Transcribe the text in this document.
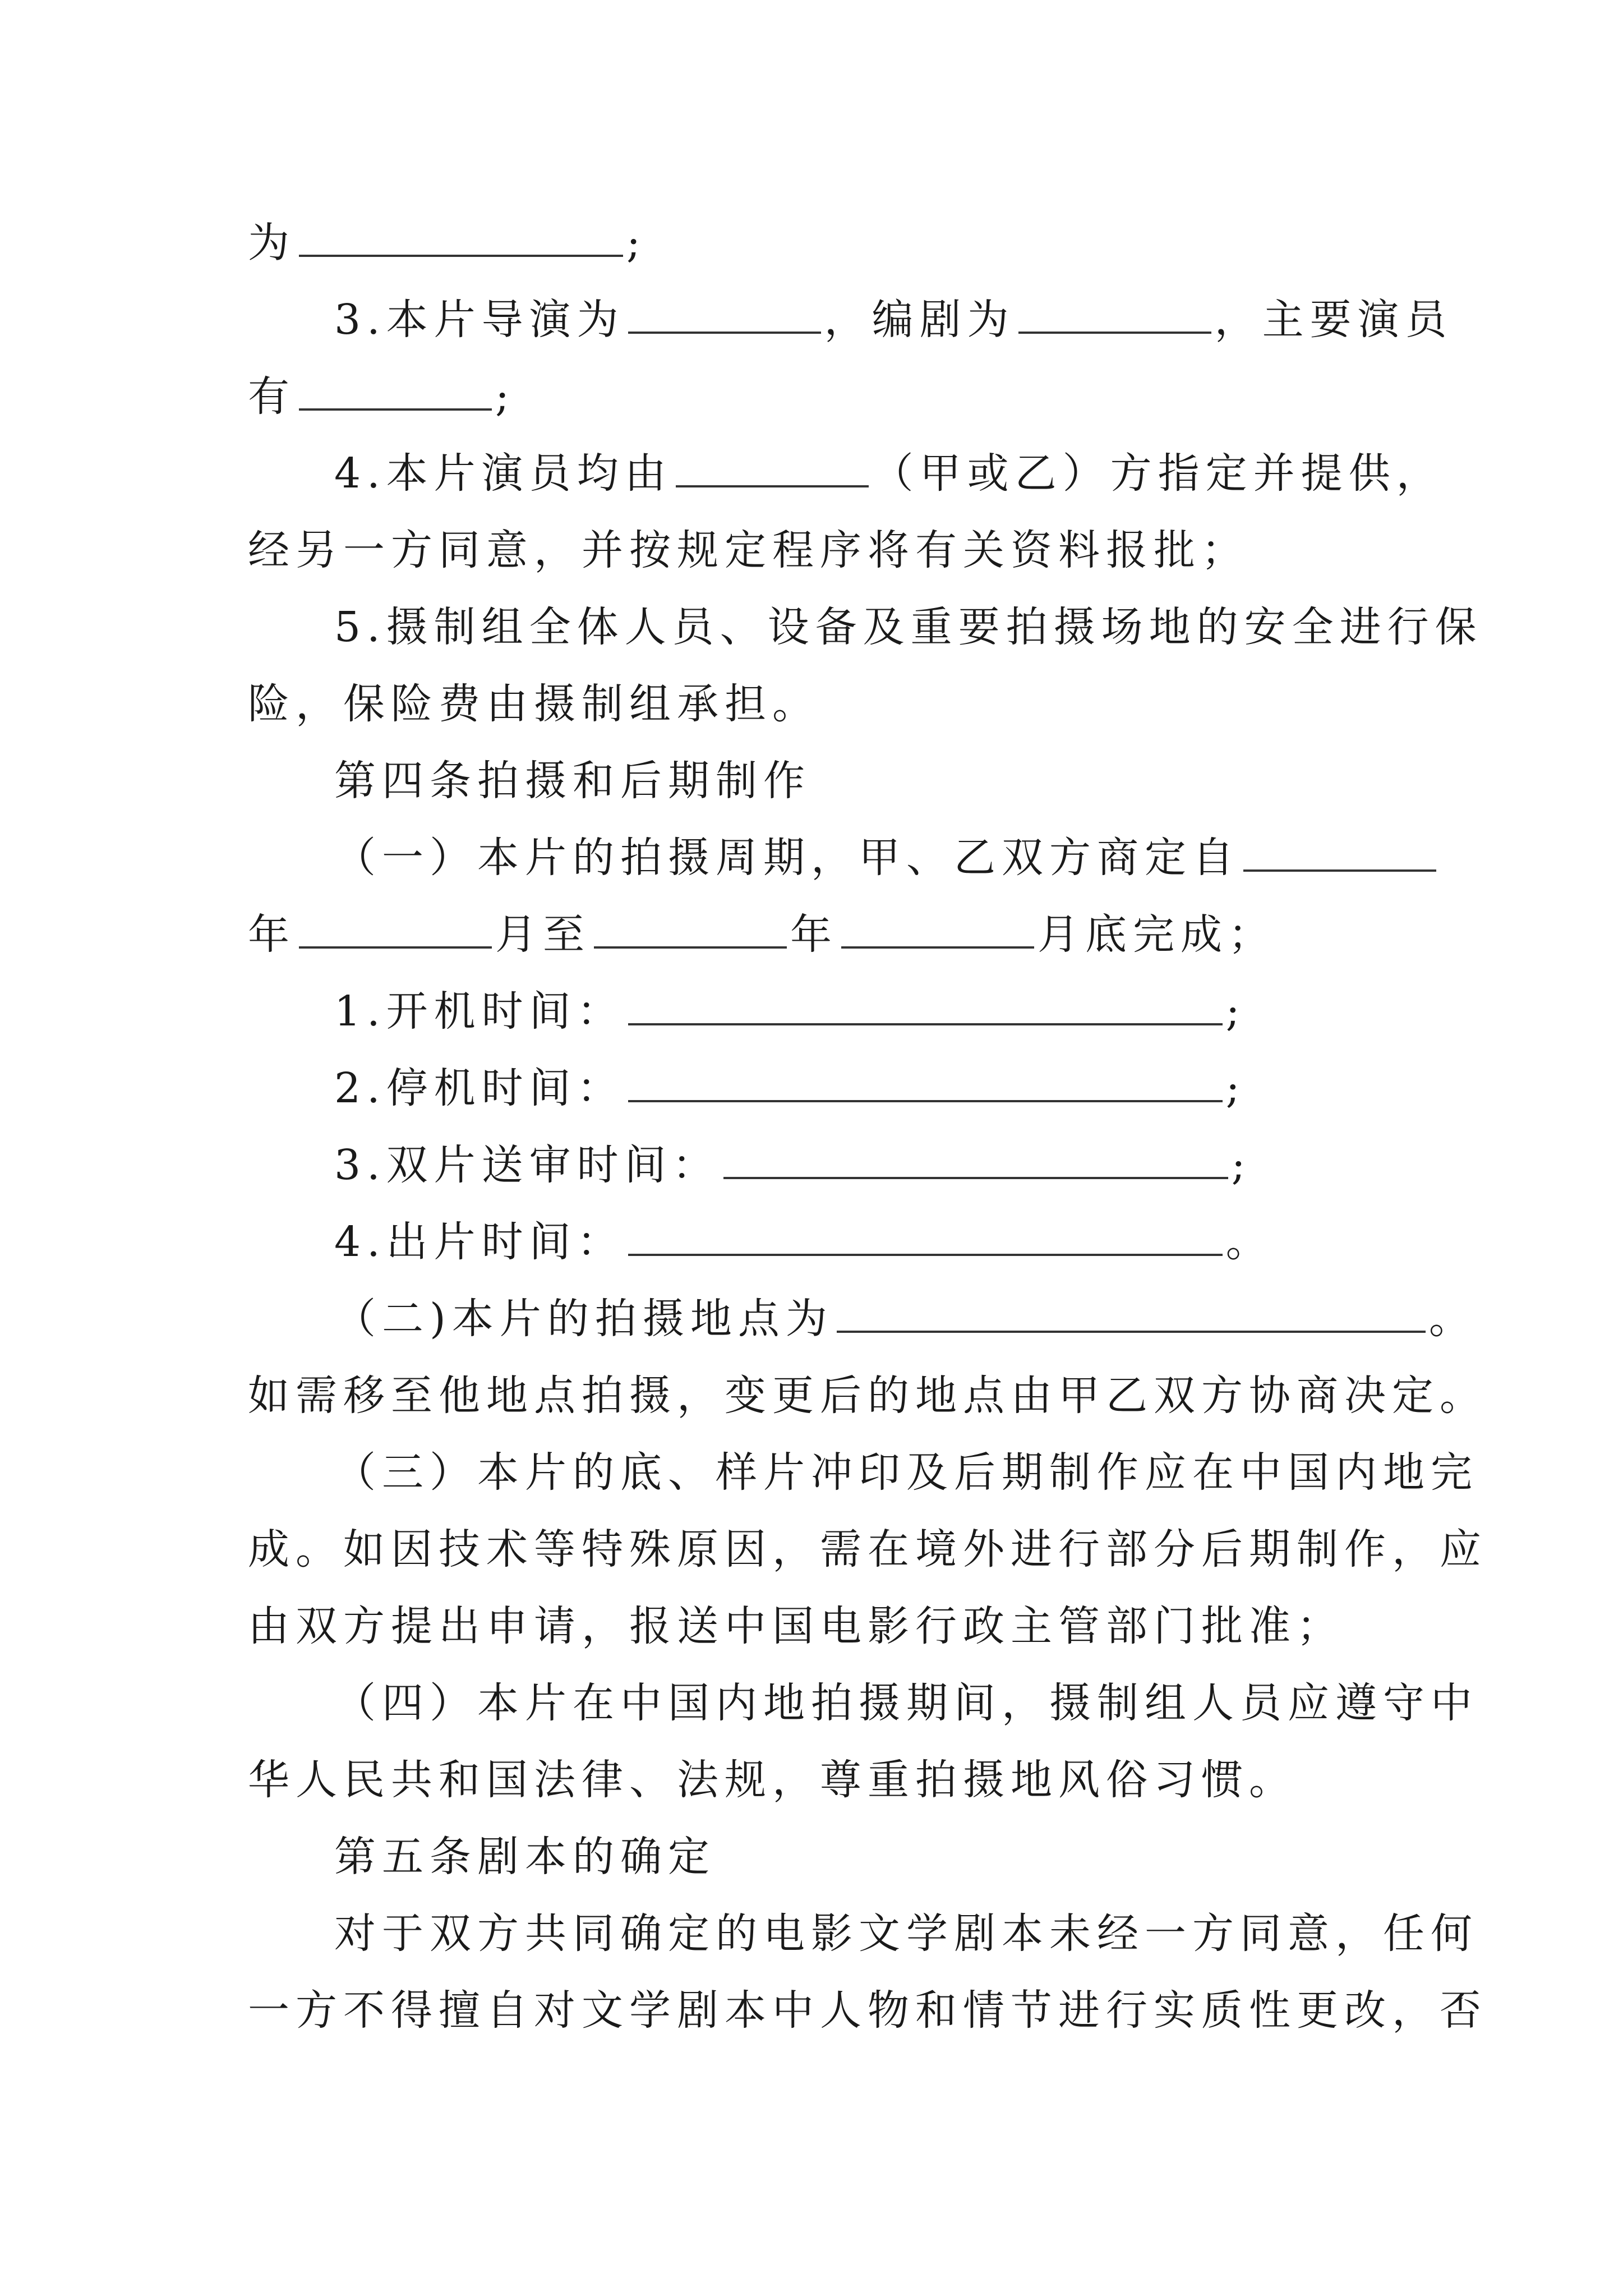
为	;
3.本片导演为	，编剧为	，主要演员
有	;
4.本片演员均由	（甲或乙）方指定并提供，
经另一方同意，并按规定程序将有关资料报批；
5.摄制组全体人员、设备及重要拍摄场地的安全进行保
险，保险费由摄制组承担。
第四条拍摄和后期制作
（一）本片的拍摄周期，甲、乙双方商定自
年	月至	年	月底完成；
1.开机时间：	;
2.停机时间：	;
3.双片送审时间：	;
4.出片时间：	。
（二)本片的拍摄地点为	。
如需移至他地点拍摄，变更后的地点由甲乙双方协商决定。
（三）本片的底、样片冲印及后期制作应在中国内地完
成。如因技术等特殊原因，需在境外进行部分后期制作，应
由双方提出申请，报送中国电影行政主管部门批准；
（四）本片在中国内地拍摄期间，摄制组人员应遵守中
华人民共和国法律、法规，尊重拍摄地风俗习惯。
第五条剧本的确定
对于双方共同确定的电影文学剧本未经一方同意，任何
一方不得擅自对文学剧本中人物和情节进行实质性更改，否
